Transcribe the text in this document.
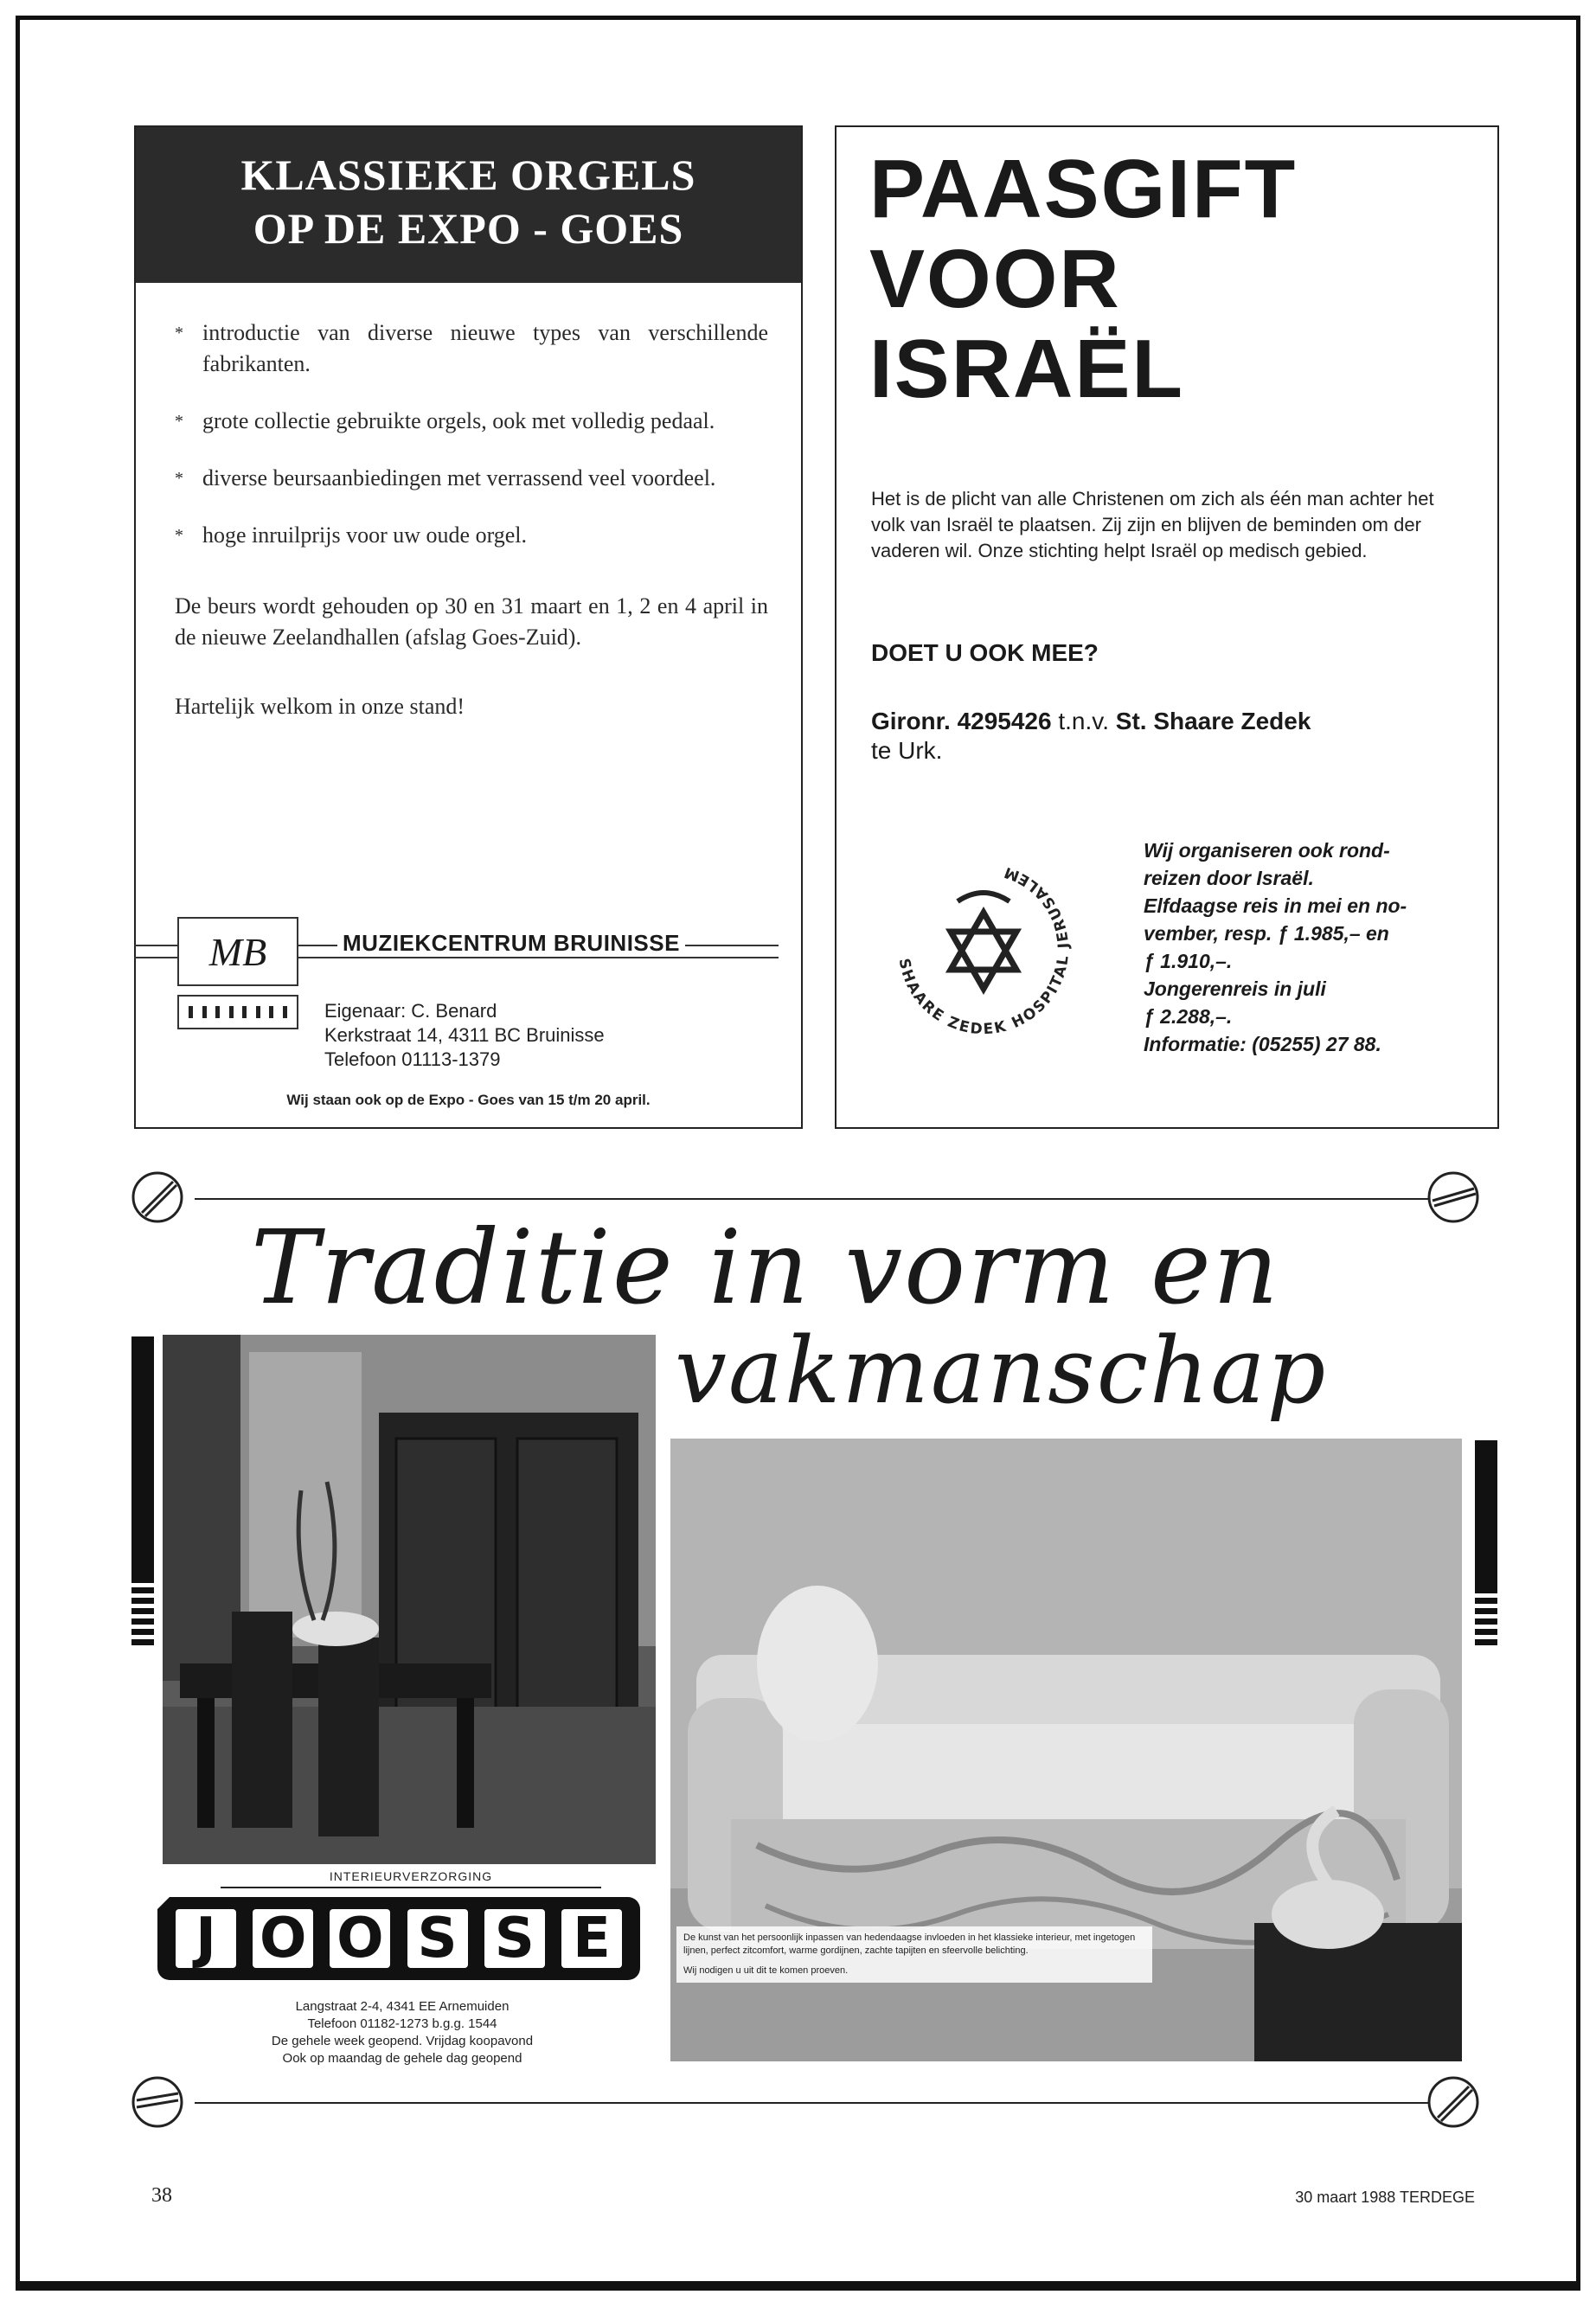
KLASSIEKE ORGELS
OP DE EXPO - GOES
* introductie van diverse nieuwe types van verschillende fabrikanten.
* grote collectie gebruikte orgels, ook met volledig pedaal.
* diverse beursaanbiedingen met verrassend veel voordeel.
* hoge inruilprijs voor uw oude orgel.
De beurs wordt gehouden op 30 en 31 maart en 1, 2 en 4 april in de nieuwe Zeelandhallen (afslag Goes-Zuid).
Hartelijk welkom in onze stand!
MB	MUZIEKCENTRUM BRUINISSE
Eigenaar: C. Benard
Kerkstraat 14, 4311 BC Bruinisse
Telefoon 01113-1379
Wij staan ook op de Expo - Goes van 15 t/m 20 april.
PAASGIFT
VOOR
ISRAËL
Het is de plicht van alle Christenen om zich als één man achter het volk van Israël te plaatsen. Zij zijn en blijven de beminden om der vaderen wil. Onze stichting helpt Israël op medisch gebied.
DOET U OOK MEE?
Gironr. 4295426 t.n.v. St. Shaare Zedek
te Urk.
SHAARE ZEDEK HOSPITAL JERUSALEM
Wij organiseren ook rond-
reizen door Israël.
Elfdaagse reis in mei en no-
vember, resp. ƒ 1.985,– en
ƒ 1.910,–.
Jongerenreis in juli
ƒ 2.288,–.
Informatie: (05255) 27 88.
Traditie in vorm en
vakmanschap
INTERIEURVERZORGING
J O O S S E
Langstraat 2-4, 4341 EE Arnemuiden
Telefoon 01182-1273 b.g.g. 1544
De gehele week geopend. Vrijdag koopavond
Ook op maandag de gehele dag geopend
De kunst van het persoonlijk inpassen van hedendaagse invloeden in het klassieke interieur, met ingetogen lijnen, perfect zitcomfort, warme gordijnen, zachte tapijten en sfeervolle belichting.
Wij nodigen u uit dit te komen proeven.
38	30 maart 1988 TERDEGE
